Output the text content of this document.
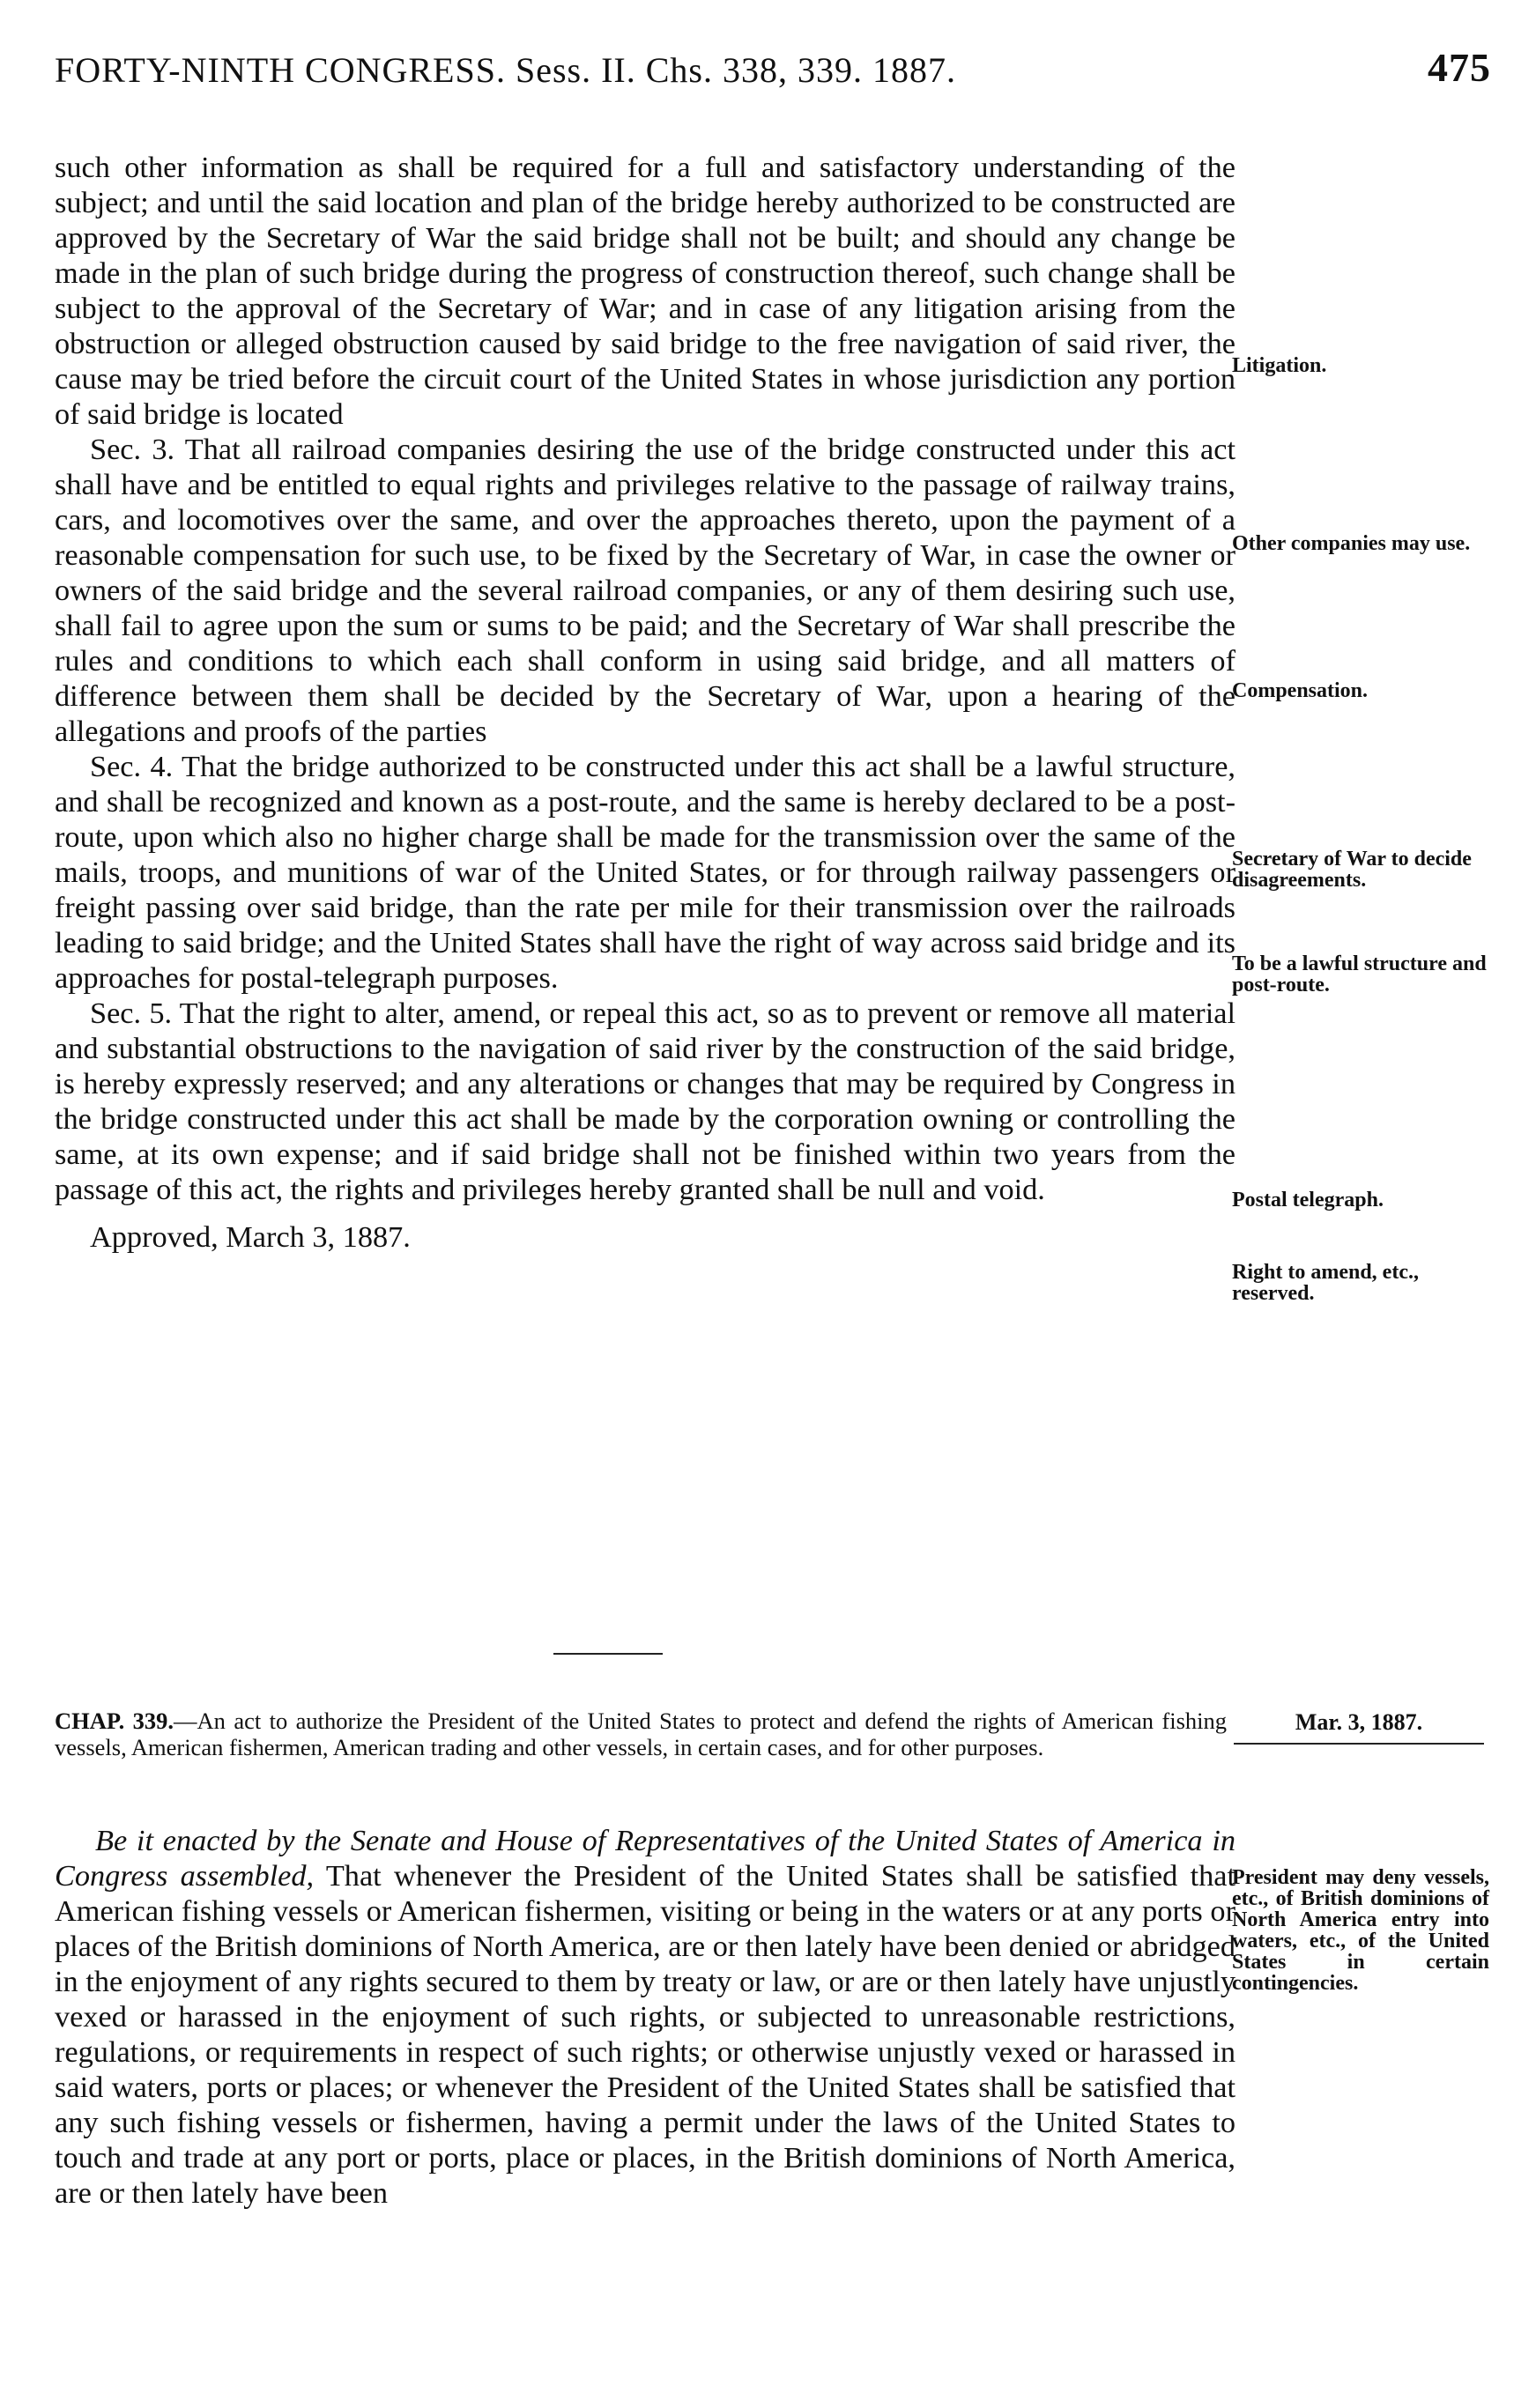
FORTY-NINTH CONGRESS. Sess. II. Chs. 338, 339. 1887.	475

such other information as shall be required for a full and satisfactory understanding of the subject; and until the said location and plan of the bridge hereby authorized to be constructed are approved by the Secretary of War the said bridge shall not be built; and should any change be made in the plan of such bridge during the progress of construction thereof, such change shall be subject to the approval of the Secretary of War; and in case of any litigation arising from the obstruction or alleged obstruction caused by said bridge to the free navigation of said river, the cause may be tried before the circuit court of the United States in whose jurisdiction any portion of said bridge is located

Sec. 3. That all railroad companies desiring the use of the bridge constructed under this act shall have and be entitled to equal rights and privileges relative to the passage of railway trains, cars, and locomotives over the same, and over the approaches thereto, upon the payment of a reasonable compensation for such use, to be fixed by the Secretary of War, in case the owner or owners of the said bridge and the several railroad companies, or any of them desiring such use, shall fail to agree upon the sum or sums to be paid; and the Secretary of War shall prescribe the rules and conditions to which each shall conform in using said bridge, and all matters of difference between them shall be decided by the Secretary of War, upon a hearing of the allegations and proofs of the parties

Sec. 4. That the bridge authorized to be constructed under this act shall be a lawful structure, and shall be recognized and known as a post-route, and the same is hereby declared to be a post-route, upon which also no higher charge shall be made for the transmission over the same of the mails, troops, and munitions of war of the United States, or for through railway passengers or freight passing over said bridge, than the rate per mile for their transmission over the railroads leading to said bridge; and the United States shall have the right of way across said bridge and its approaches for postal-telegraph purposes.

Sec. 5. That the right to alter, amend, or repeal this act, so as to prevent or remove all material and substantial obstructions to the navigation of said river by the construction of the said bridge, is hereby expressly reserved; and any alterations or changes that may be required by Congress in the bridge constructed under this act shall be made by the corporation owning or controlling the same, at its own expense; and if said bridge shall not be finished within two years from the passage of this act, the rights and privileges hereby granted shall be null and void.

Approved, March 3, 1887.

CHAP. 339.—An act to authorize the President of the United States to protect and defend the rights of American fishing vessels, American fishermen, American trading and other vessels, in certain cases, and for other purposes.
Mar. 3, 1887.

Be it enacted by the Senate and House of Representatives of the United States of America in Congress assembled, That whenever the President of the United States shall be satisfied that American fishing vessels or American fishermen, visiting or being in the waters or at any ports or places of the British dominions of North America, are or then lately have been denied or abridged in the enjoyment of any rights secured to them by treaty or law, or are or then lately have unjustly vexed or harassed in the enjoyment of such rights, or subjected to unreasonable restrictions, regulations, or requirements in respect of such rights; or otherwise unjustly vexed or harassed in said waters, ports or places; or whenever the President of the United States shall be satisfied that any such fishing vessels or fishermen, having a permit under the laws of the United States to touch and trade at any port or ports, place or places, in the British dominions of North America, are or then lately have been

Litigation.
Other companies may use.
Compensation.
Secretary of War to decide disagreements.
To be a lawful structure and post-route.
Postal telegraph.
Right to amend, etc., reserved.
President may deny vessels, etc., of British dominions of North America entry into waters, etc., of the United States in certain contingencies.
